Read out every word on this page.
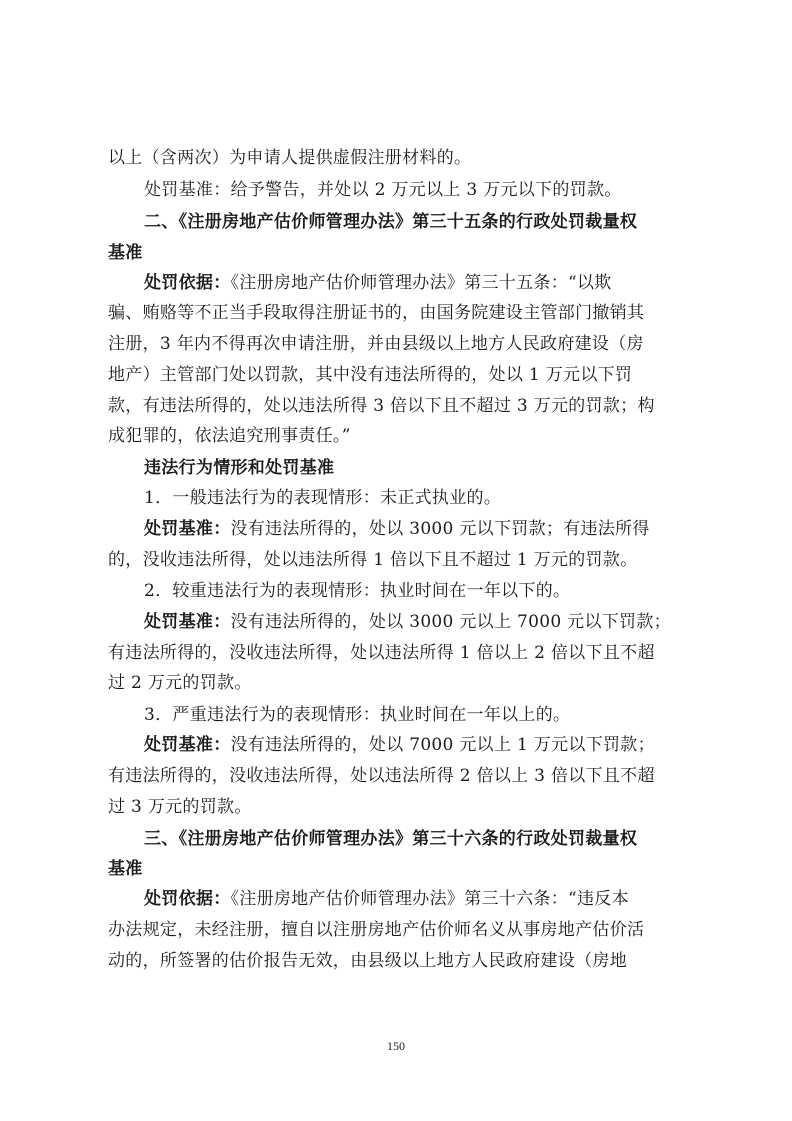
以上（含两次）为申请人提供虚假注册材料的。
处罚基准：给予警告，并处以 2 万元以上 3 万元以下的罚款。
二、《注册房地产估价师管理办法》第三十五条的行政处罚裁量权
基准
处罚依据：《注册房地产估价师管理办法》第三十五条：“以欺
骗、贿赂等不正当手段取得注册证书的，由国务院建设主管部门撤销其
注册，3 年内不得再次申请注册，并由县级以上地方人民政府建设（房
地产）主管部门处以罚款，其中没有违法所得的，处以 1 万元以下罚
款，有违法所得的，处以违法所得 3 倍以下且不超过 3 万元的罚款；构
成犯罪的，依法追究刑事责任。”
违法行为情形和处罚基准
1．一般违法行为的表现情形：未正式执业的。
处罚基准：没有违法所得的，处以 3000 元以下罚款；有违法所得
的，没收违法所得，处以违法所得 1 倍以下且不超过 1 万元的罚款。
2．较重违法行为的表现情形：执业时间在一年以下的。
处罚基准：没有违法所得的，处以 3000 元以上 7000 元以下罚款；
有违法所得的，没收违法所得，处以违法所得 1 倍以上 2 倍以下且不超
过 2 万元的罚款。
3．严重违法行为的表现情形：执业时间在一年以上的。
处罚基准：没有违法所得的，处以 7000 元以上 1 万元以下罚款；
有违法所得的，没收违法所得，处以违法所得 2 倍以上 3 倍以下且不超
过 3 万元的罚款。
三、《注册房地产估价师管理办法》第三十六条的行政处罚裁量权
基准
处罚依据：《注册房地产估价师管理办法》第三十六条：“违反本
办法规定，未经注册，擅自以注册房地产估价师名义从事房地产估价活
动的，所签署的估价报告无效，由县级以上地方人民政府建设（房地
150
